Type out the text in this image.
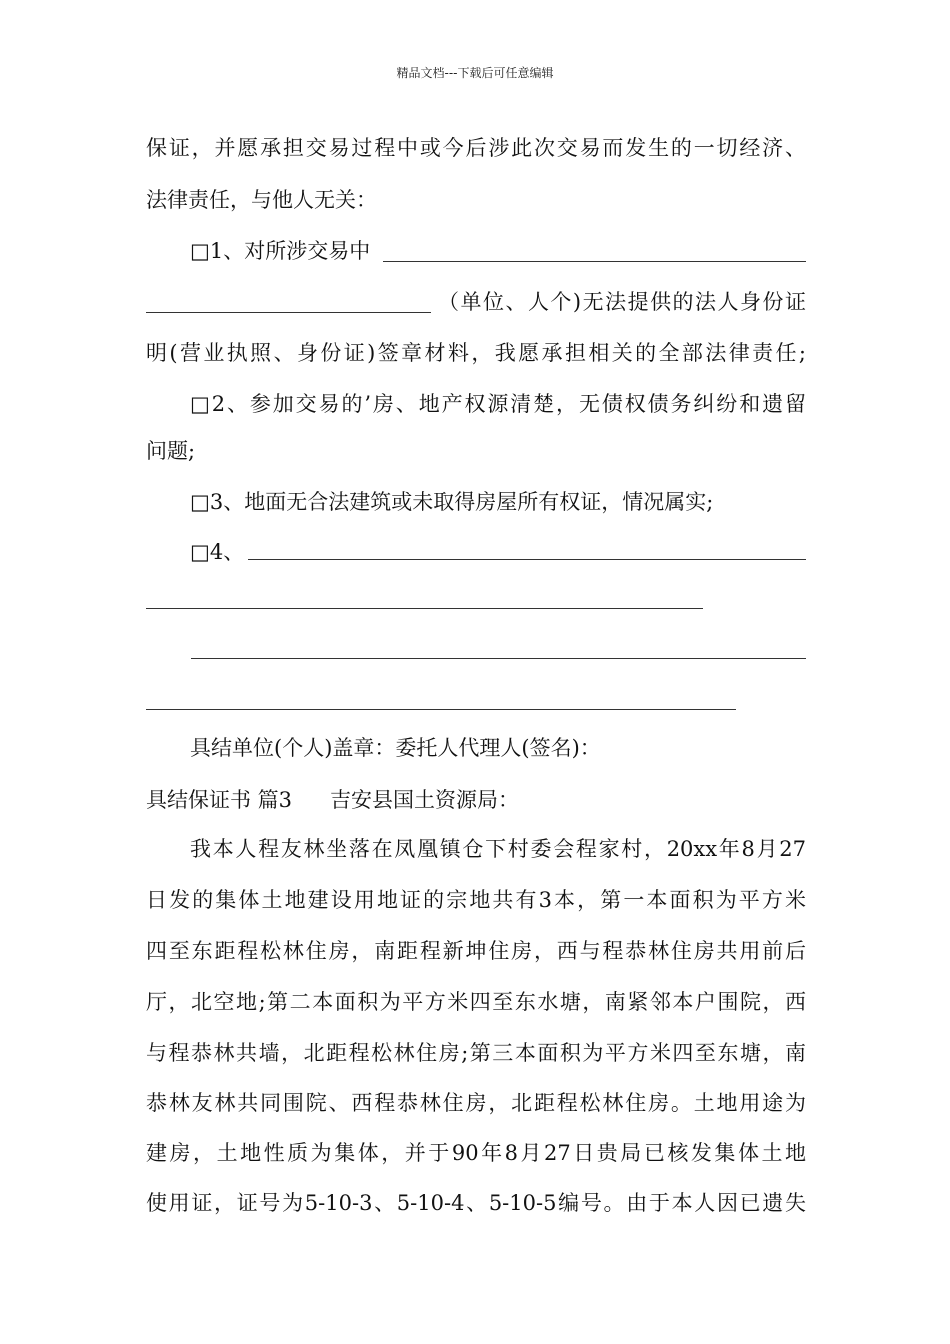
精品文档---下载后可任意编辑
保证，并愿承担交易过程中或今后涉此次交易而发生的一切经济、
法律责任，与他人无关：
□1、对所涉交易中
（单位、人个)无法提供的法人身份证
明(营业执照、身份证)签章材料，我愿承担相关的全部法律责任;
□2、参加交易的’房、地产权源清楚，无债权债务纠纷和遗留
问题;
□3、地面无合法建筑或未取得房屋所有权证，情况属实;
□4、
具结单位(个人)盖章：委托人代理人(签名)：
具结保证书 篇3 吉安县国土资源局：
我本人程友林坐落在凤凰镇仓下村委会程家村，20xx年8月27
日发的集体土地建设用地证的宗地共有3本，第一本面积为平方米
四至东距程松林住房，南距程新坤住房，西与程恭林住房共用前后
厅，北空地;第二本面积为平方米四至东水塘，南紧邻本户围院，西
与程恭林共墙，北距程松林住房;第三本面积为平方米四至东塘，南
恭林友林共同围院、西程恭林住房，北距程松林住房。土地用途为
建房，土地性质为集体，并于90年8月27日贵局已核发集体土地
使用证，证号为5-10-3、5-10-4、5-10-5编号。由于本人因已遗失
